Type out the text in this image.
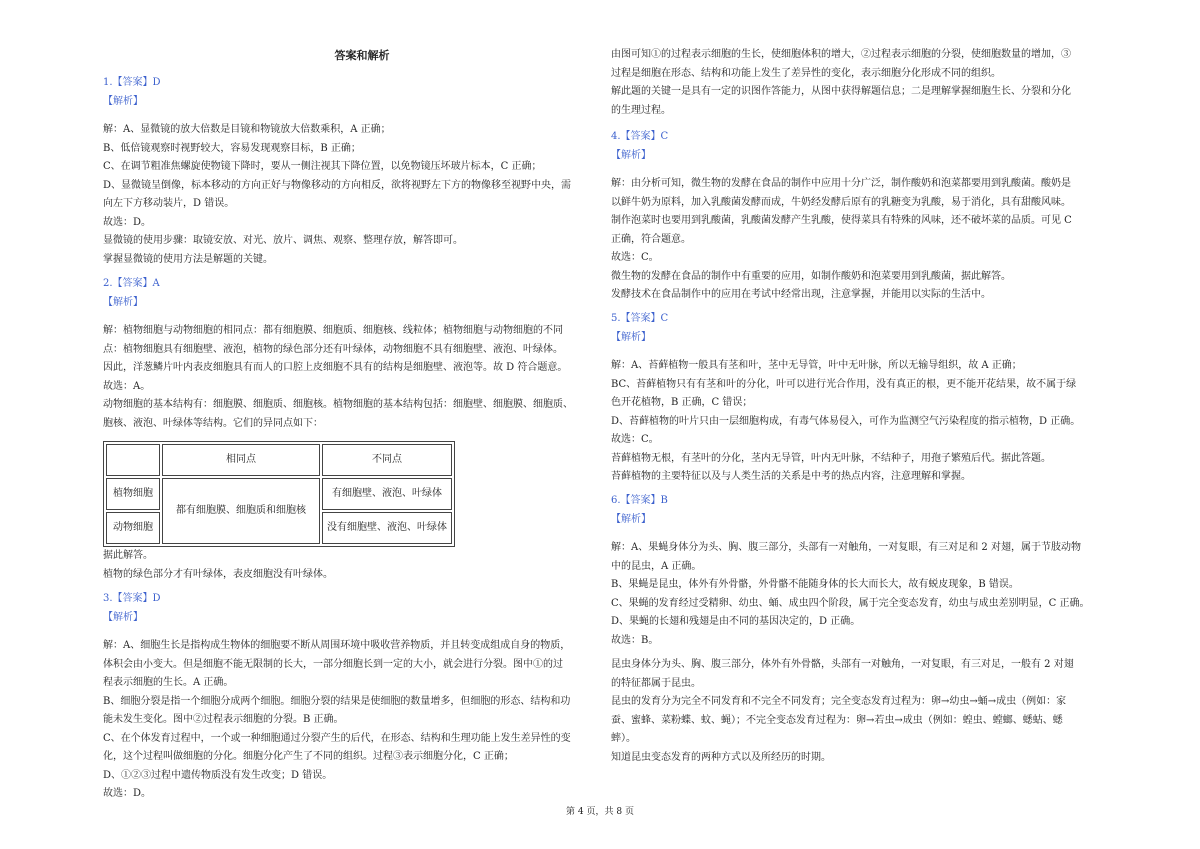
答案和解析

1.【答案】D

【解析】

解：A、显微镜的放大倍数是目镜和物镜放大倍数乘积，A 正确；

B、低倍镜观察时视野较大，容易发现观察目标，B 正确；

C、在调节粗准焦螺旋使物镜下降时，要从一侧注视其下降位置，以免物镜压坏玻片标本，C 正确；

D、显微镜呈倒像，标本移动的方向正好与物像移动的方向相反，欲将视野左下方的物像移至视野中央，需

向左下方移动装片，D 错误。

故选：D。

显微镜的使用步骤：取镜安放、对光、放片、调焦、观察、整理存放，解答即可。

掌握显微镜的使用方法是解题的关键。

2.【答案】A

【解析】

解：植物细胞与动物细胞的相同点：都有细胞膜、细胞质、细胞核、线粒体；植物细胞与动物细胞的不同

点：植物细胞具有细胞壁、液泡，植物的绿色部分还有叶绿体，动物细胞不具有细胞壁、液泡、叶绿体。

因此，洋葱鳞片叶内表皮细胞具有而人的口腔上皮细胞不具有的结构是细胞壁、液泡等。故 D 符合题意。

故选：A。

动物细胞的基本结构有：细胞膜、细胞质、细胞核。植物细胞的基本结构包括：细胞壁、细胞膜、细胞质、

胞核、液泡、叶绿体等结构。它们的异同点如下：

	相同点	不同点
植物细胞	都有细胞膜、细胞质和细胞核	有细胞壁、液泡、叶绿体
动物细胞		没有细胞壁、液泡、叶绿体

据此解答。

植物的绿色部分才有叶绿体，表皮细胞没有叶绿体。

3.【答案】D

【解析】

解：A、细胞生长是指构成生物体的细胞要不断从周围环境中吸收营养物质，并且转变成组成自身的物质，

体积会由小变大。但是细胞不能无限制的长大，一部分细胞长到一定的大小，就会进行分裂。图中①的过

程表示细胞的生长。A 正确。

B、细胞分裂是指一个细胞分成两个细胞。细胞分裂的结果是使细胞的数量增多，但细胞的形态、结构和功

能未发生变化。图中②过程表示细胞的分裂。B 正确。

C、在个体发育过程中，一个或一种细胞通过分裂产生的后代，在形态、结构和生理功能上发生差异性的变

化，这个过程叫做细胞的分化。细胞分化产生了不同的组织。过程③表示细胞分化，C 正确；

D、①②③过程中遗传物质没有发生改变；D 错误。

故选：D。

由图可知①的过程表示细胞的生长，使细胞体积的增大，②过程表示细胞的分裂，使细胞数量的增加，③

过程是细胞在形态、结构和功能上发生了差异性的变化，表示细胞分化形成不同的组织。

解此题的关键一是具有一定的识图作答能力，从图中获得解题信息；二是理解掌握细胞生长、分裂和分化

的生理过程。

4.【答案】C

【解析】

解：由分析可知，微生物的发酵在食品的制作中应用十分广泛，制作酸奶和泡菜都要用到乳酸菌。酸奶是

以鲜牛奶为原料，加入乳酸菌发酵而成，牛奶经发酵后原有的乳糖变为乳酸，易于消化，具有甜酸风味。

制作泡菜时也要用到乳酸菌，乳酸菌发酵产生乳酸，使得菜具有特殊的风味，还不破坏菜的品质。可见 C

正确，符合题意。

故选：C。

微生物的发酵在食品的制作中有重要的应用，如制作酸奶和泡菜要用到乳酸菌，据此解答。

发酵技术在食品制作中的应用在考试中经常出现，注意掌握，并能用以实际的生活中。

5.【答案】C

【解析】

解：A、苔藓植物一般具有茎和叶，茎中无导管，叶中无叶脉，所以无输导组织，故 A 正确；

BC、苔藓植物只有有茎和叶的分化，叶可以进行光合作用，没有真正的根，更不能开花结果，故不属于绿

色开花植物，B 正确，C 错误；

D、苔藓植物的叶片只由一层细胞构成，有毒气体易侵入，可作为监测空气污染程度的指示植物，D 正确。

故选：C。

苔藓植物无根，有茎叶的分化，茎内无导管，叶内无叶脉，不结种子，用孢子繁殖后代。据此答题。

苔藓植物的主要特征以及与人类生活的关系是中考的热点内容，注意理解和掌握。

6.【答案】B

【解析】

解：A、果蝇身体分为头、胸、腹三部分，头部有一对触角，一对复眼，有三对足和 2 对翅，属于节肢动物

中的昆虫，A 正确。

B、果蝇是昆虫，体外有外骨骼，外骨骼不能随身体的长大而长大，故有蜕皮现象，B 错误。

C、果蝇的发育经过受精卵、幼虫、蛹、成虫四个阶段，属于完全变态发育，幼虫与成虫差别明显，C 正确。

D、果蝇的长翅和残翅是由不同的基因决定的，D 正确。

故选：B。

昆虫身体分为头、胸、腹三部分，体外有外骨骼，头部有一对触角，一对复眼，有三对足，一般有 2 对翅

的特征都属于昆虫。

昆虫的发育分为完全不同发育和不完全不同发育；完全变态发育过程为：卵→幼虫→蛹→成虫（例如：家

蚕、蜜蜂、菜粉蝶、蚊、蝇）；不完全变态发育过程为：卵→若虫→成虫（例如：蝗虫、螳螂、蟋蛄、蟋

蟀）。

知道昆虫变态发育的两种方式以及所经历的时期。

第 4 页，共 8 页
